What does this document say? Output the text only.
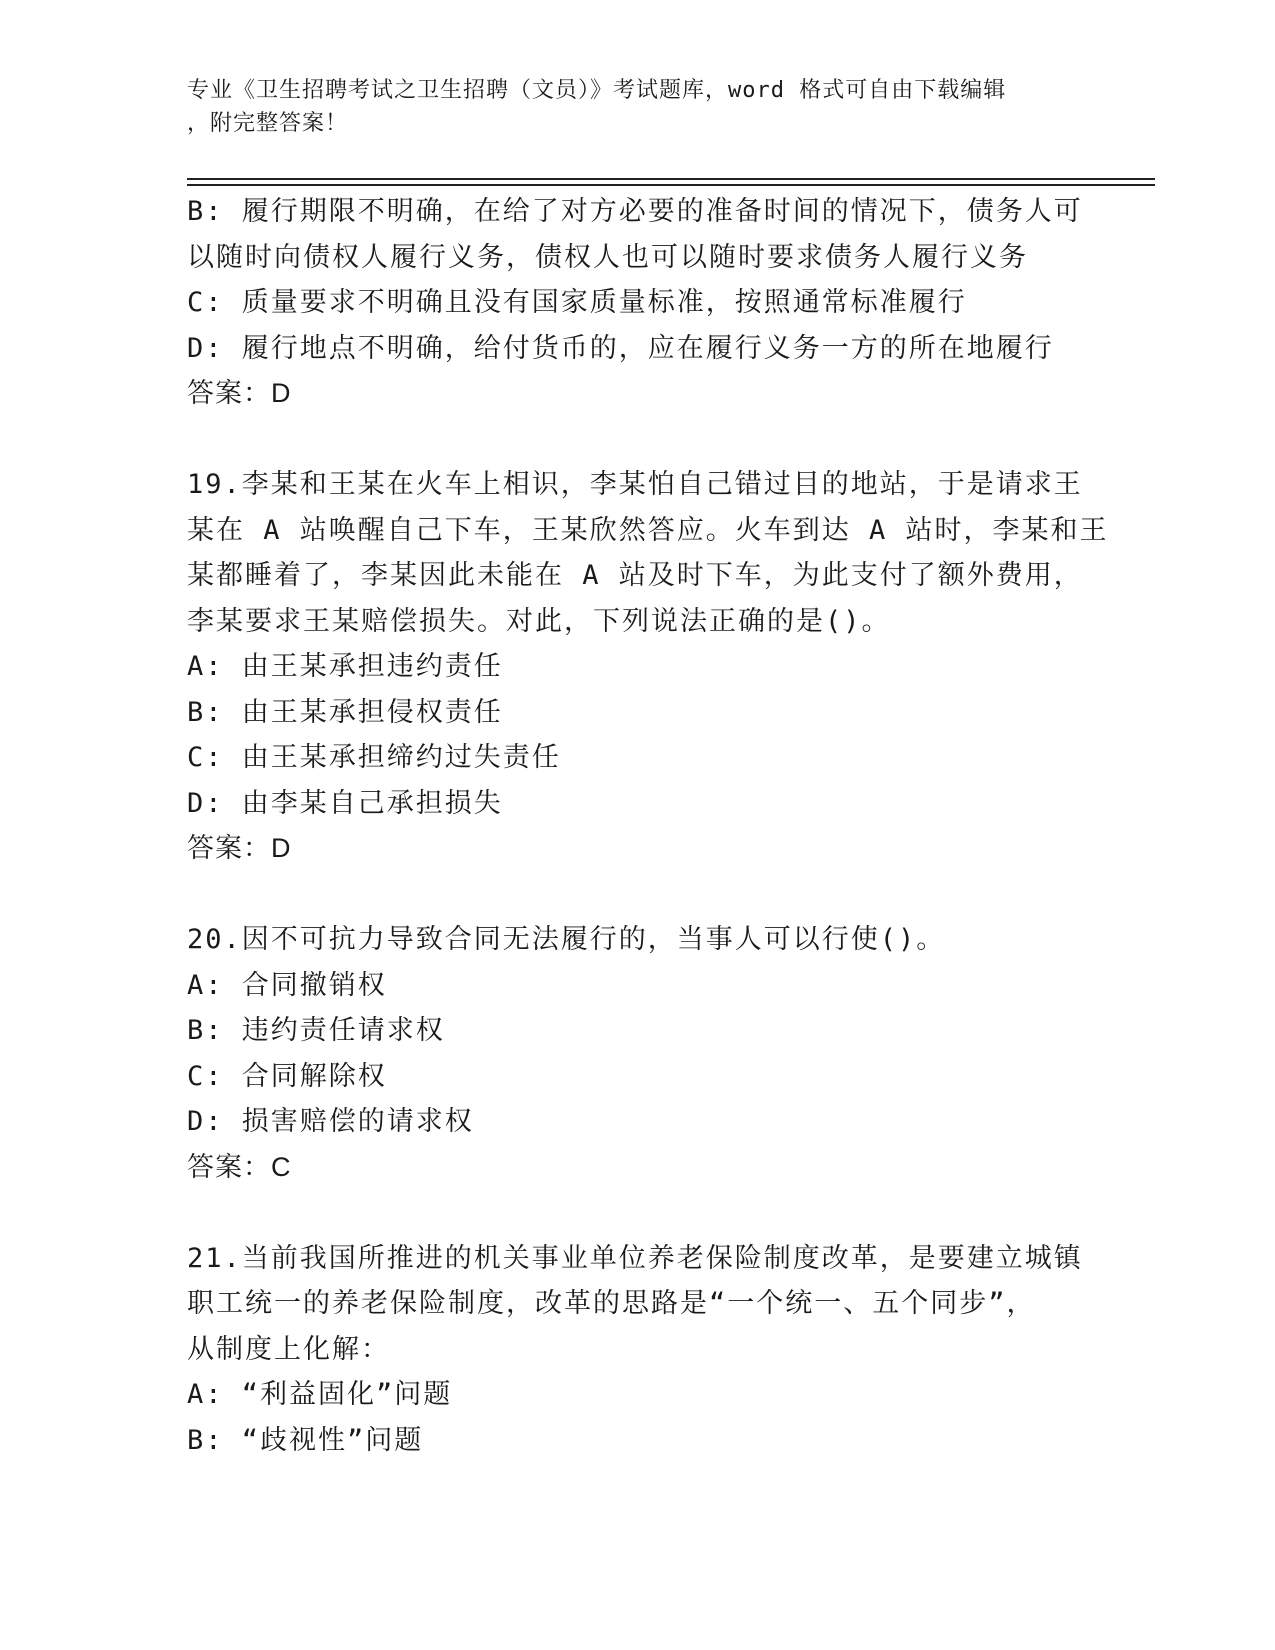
专业《卫生招聘考试之卫生招聘（文员）》考试题库，word 格式可自由下载编辑
，附完整答案！
B: 履行期限不明确，在给了对方必要的准备时间的情况下，债务人可
以随时向债权人履行义务，债权人也可以随时要求债务人履行义务
C: 质量要求不明确且没有国家质量标准，按照通常标准履行
D: 履行地点不明确，给付货币的，应在履行义务一方的所在地履行
答案：D
19.李某和王某在火车上相识，李某怕自己错过目的地站，于是请求王
某在 A 站唤醒自己下车，王某欣然答应。火车到达 A 站时，李某和王
某都睡着了，李某因此未能在 A 站及时下车，为此支付了额外费用，
李某要求王某赔偿损失。对此，下列说法正确的是()。
A: 由王某承担违约责任
B: 由王某承担侵权责任
C: 由王某承担缔约过失责任
D: 由李某自己承担损失
答案：D
20.因不可抗力导致合同无法履行的，当事人可以行使()。
A: 合同撤销权
B: 违约责任请求权
C: 合同解除权
D: 损害赔偿的请求权
答案：C
21.当前我国所推进的机关事业单位养老保险制度改革，是要建立城镇
职工统一的养老保险制度，改革的思路是“一个统一、五个同步”，
从制度上化解：
A: “利益固化”问题
B: “歧视性”问题
